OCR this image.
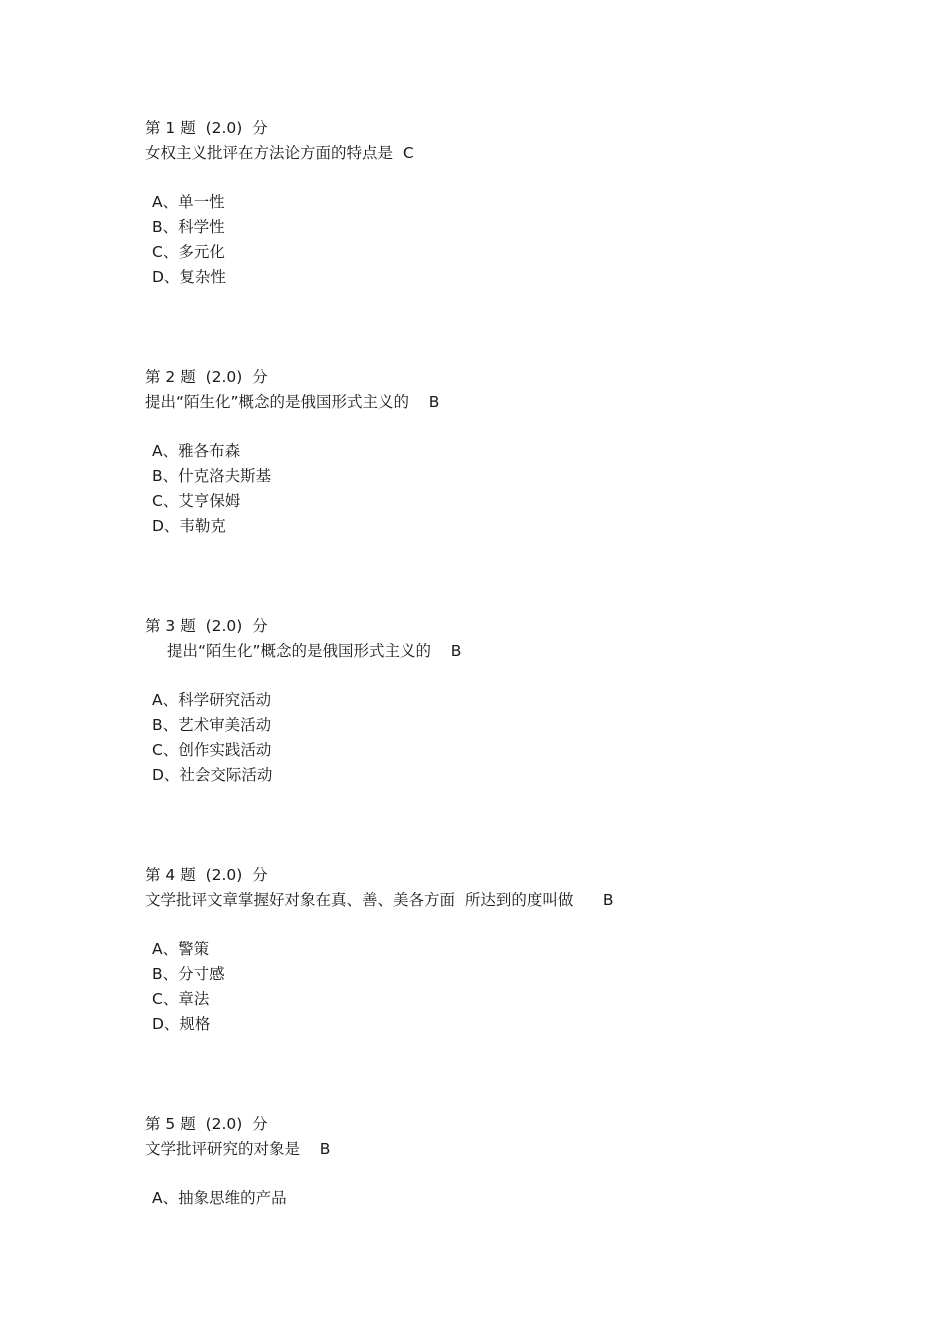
第 1 题  (2.0)  分
女权主义批评在方法论方面的特点是  C
A、单一性
B、科学性
C、多元化
D、复杂性
第 2 题  (2.0)  分
提出“陌生化”概念的是俄国形式主义的    B
A、雅各布森
B、什克洛夫斯基
C、艾亨保姆
D、韦勒克
第 3 题  (2.0)  分
提出“陌生化”概念的是俄国形式主义的    B
A、科学研究活动
B、艺术审美活动
C、创作实践活动
D、社会交际活动
第 4 题  (2.0)  分
文学批评文章掌握好对象在真、善、美各方面  所达到的度叫做      B
A、警策
B、分寸感
C、章法
D、规格
第 5 题  (2.0)  分
文学批评研究的对象是    B
A、抽象思维的产品
